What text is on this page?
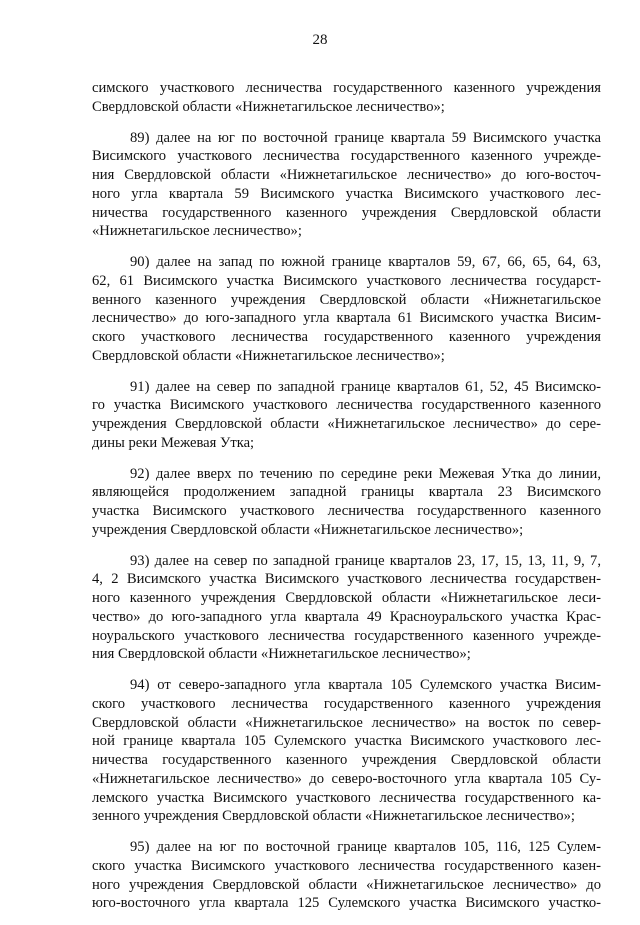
28
симского участкового лесничества государственного казенного учреждения
Свердловской области «Нижнетагильское лесничество»;
89) далее на юг по восточной границе квартала 59 Висимского участка
Висимского участкового лесничества государственного казенного учрежде-
ния Свердловской области «Нижнетагильское лесничество» до юго-восточ-
ного угла квартала 59 Висимского участка Висимского участкового лес-
ничества государственного казенного учреждения Свердловской области
«Нижнетагильское лесничество»;
90) далее на запад по южной границе кварталов 59, 67, 66, 65, 64, 63,
62, 61 Висимского участка Висимского участкового лесничества государст-
венного казенного учреждения Свердловской области «Нижнетагильское
лесничество» до юго-западного угла квартала 61 Висимского участка Висим-
ского участкового лесничества государственного казенного учреждения
Свердловской области «Нижнетагильское лесничество»;
91) далее на север по западной границе кварталов 61, 52, 45 Висимско-
го участка Висимского участкового лесничества государственного казенного
учреждения Свердловской области «Нижнетагильское лесничество» до сере-
дины реки Межевая Утка;
92) далее вверх по течению по середине реки Межевая Утка до линии,
являющейся продолжением западной границы квартала 23 Висимского
участка Висимского участкового лесничества государственного казенного
учреждения Свердловской области «Нижнетагильское лесничество»;
93) далее на север по западной границе кварталов 23, 17, 15, 13, 11, 9, 7,
4, 2 Висимского участка Висимского участкового лесничества государствен-
ного казенного учреждения Свердловской области «Нижнетагильское леси-
чество» до юго-западного угла квартала 49 Красноуральского участка Крас-
ноуральского участкового лесничества государственного казенного учрежде-
ния Свердловской области «Нижнетагильское лесничество»;
94) от северо-западного угла квартала 105 Сулемского участка Висим-
ского участкового лесничества государственного казенного учреждения
Свердловской области «Нижнетагильское лесничество» на восток по север-
ной границе квартала 105 Сулемского участка Висимского участкового лес-
ничества государственного казенного учреждения Свердловской области
«Нижнетагильское лесничество» до северо-восточного угла квартала 105 Су-
лемского участка Висимского участкового лесничества государственного ка-
зенного учреждения Свердловской области «Нижнетагильское лесничество»;
95) далее на юг по восточной границе кварталов 105, 116, 125 Сулем-
ского участка Висимского участкового лесничества государственного казен-
ного учреждения Свердловской области «Нижнетагильское лесничество» до
юго-восточного угла квартала 125 Сулемского участка Висимского участко-
